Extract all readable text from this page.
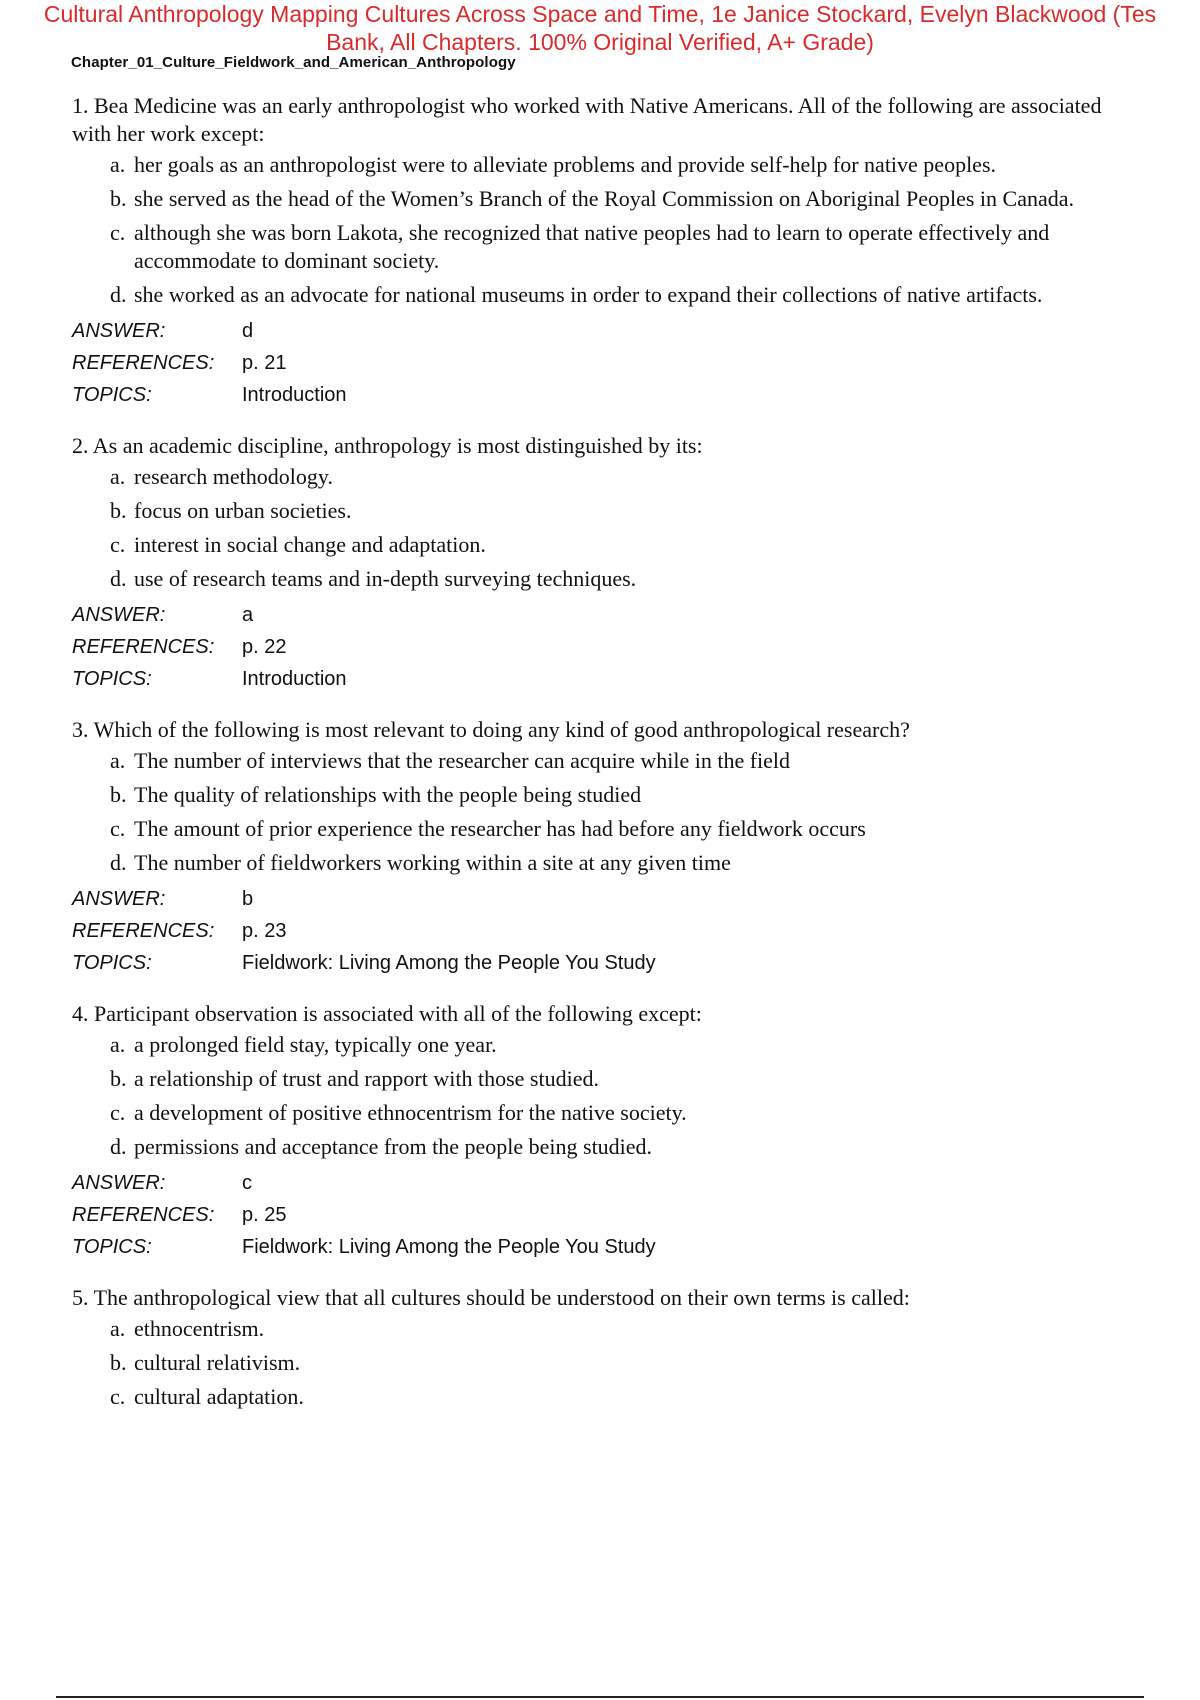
Cultural Anthropology Mapping Cultures Across Space and Time, 1e Janice Stockard, Evelyn Blackwood (Tes
Bank, All Chapters. 100% Original Verified, A+ Grade)
Chapter_01_Culture_Fieldwork_and_American_Anthropology
1. Bea Medicine was an early anthropologist who worked with Native Americans. All of the following are associated with her work except:
a. her goals as an anthropologist were to alleviate problems and provide self-help for native peoples.
b. she served as the head of the Women’s Branch of the Royal Commission on Aboriginal Peoples in Canada.
c. although she was born Lakota, she recognized that native peoples had to learn to operate effectively and accommodate to dominant society.
d. she worked as an advocate for national museums in order to expand their collections of native artifacts.
ANSWER:	d
REFERENCES: p. 21
TOPICS:	Introduction
2. As an academic discipline, anthropology is most distinguished by its:
a. research methodology.
b. focus on urban societies.
c. interest in social change and adaptation.
d. use of research teams and in-depth surveying techniques.
ANSWER:	a
REFERENCES: p. 22
TOPICS:	Introduction
3. Which of the following is most relevant to doing any kind of good anthropological research?
a. The number of interviews that the researcher can acquire while in the field
b. The quality of relationships with the people being studied
c. The amount of prior experience the researcher has had before any fieldwork occurs
d. The number of fieldworkers working within a site at any given time
ANSWER:	b
REFERENCES: p. 23
TOPICS:	Fieldwork: Living Among the People You Study
4. Participant observation is associated with all of the following except:
a. a prolonged field stay, typically one year.
b. a relationship of trust and rapport with those studied.
c. a development of positive ethnocentrism for the native society.
d. permissions and acceptance from the people being studied.
ANSWER:	c
REFERENCES: p. 25
TOPICS:	Fieldwork: Living Among the People You Study
5. The anthropological view that all cultures should be understood on their own terms is called:
a. ethnocentrism.
b. cultural relativism.
c. cultural adaptation.
